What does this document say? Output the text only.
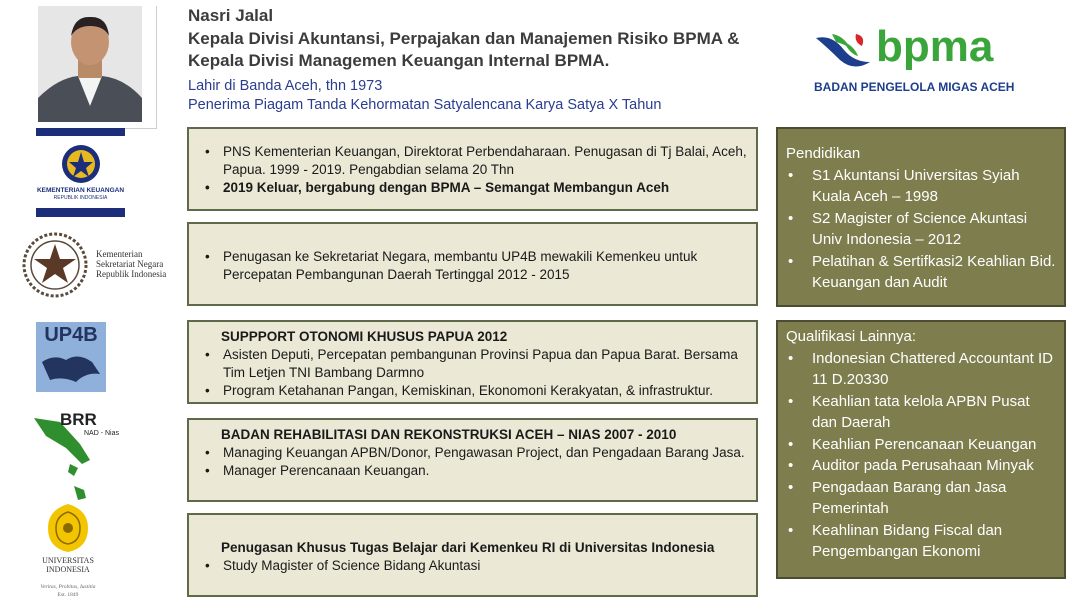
Nasri Jalal
Kepala Divisi Akuntansi, Perpajakan dan Manajemen Risiko BPMA &
Kepala Divisi Managemen Keuangan Internal BPMA.
Lahir di Banda Aceh, thn 1973
Penerima Piagam Tanda Kehormatan Satyalencana Karya Satya X Tahun
bpma
BADAN PENGELOLA MIGAS ACEH
KEMENTERIAN KEUANGAN
REPUBLIK INDONESIA
Kementerian
Sekretariat Negara
Republik Indonesia
UP4B
BRR
NAD - Nias
UNIVERSITAS
INDONESIA
Veritas, Probitas, Iustitia
Est. 1849
• PNS Kementerian Keuangan, Direktorat Perbendaharaan. Penugasan di Tj Balai, Aceh, Papua. 1999 - 2019. Pengabdian selama 20 Thn
• 2019 Keluar, bergabung dengan BPMA – Semangat Membangun Aceh
• Penugasan ke Sekretariat Negara, membantu UP4B mewakili Kemenkeu untuk Percepatan Pembangunan Daerah Tertinggal 2012 - 2015
SUPPPORT OTONOMI KHUSUS PAPUA 2012
• Asisten Deputi, Percepatan pembangunan Provinsi Papua dan Papua Barat. Bersama Tim Letjen TNI Bambang Darmno
• Program Ketahanan Pangan, Kemiskinan, Ekonomoni Kerakyatan, & infrastruktur.
BADAN REHABILITASI DAN REKONSTRUKSI ACEH – NIAS 2007 - 2010
• Managing Keuangan APBN/Donor, Pengawasan Project, dan Pengadaan Barang Jasa.
• Manager Perencanaan Keuangan.
Penugasan Khusus Tugas Belajar dari Kemenkeu RI di Universitas Indonesia
• Study Magister of Science Bidang Akuntasi
Pendidikan
• S1 Akuntansi Universitas Syiah Kuala Aceh – 1998
• S2 Magister of Science Akuntasi Univ Indonesia – 2012
• Pelatihan & Sertifkasi2 Keahlian Bid. Keuangan dan Audit
Qualifikasi Lainnya:
• Indonesian Chattered Accountant ID 11 D.20330
• Keahlian tata kelola APBN Pusat dan Daerah
• Keahlian Perencanaan Keuangan
• Auditor pada Perusahaan Minyak
• Pengadaan Barang dan Jasa Pemerintah
• Keahlinan Bidang Fiscal dan Pengembangan Ekonomi
